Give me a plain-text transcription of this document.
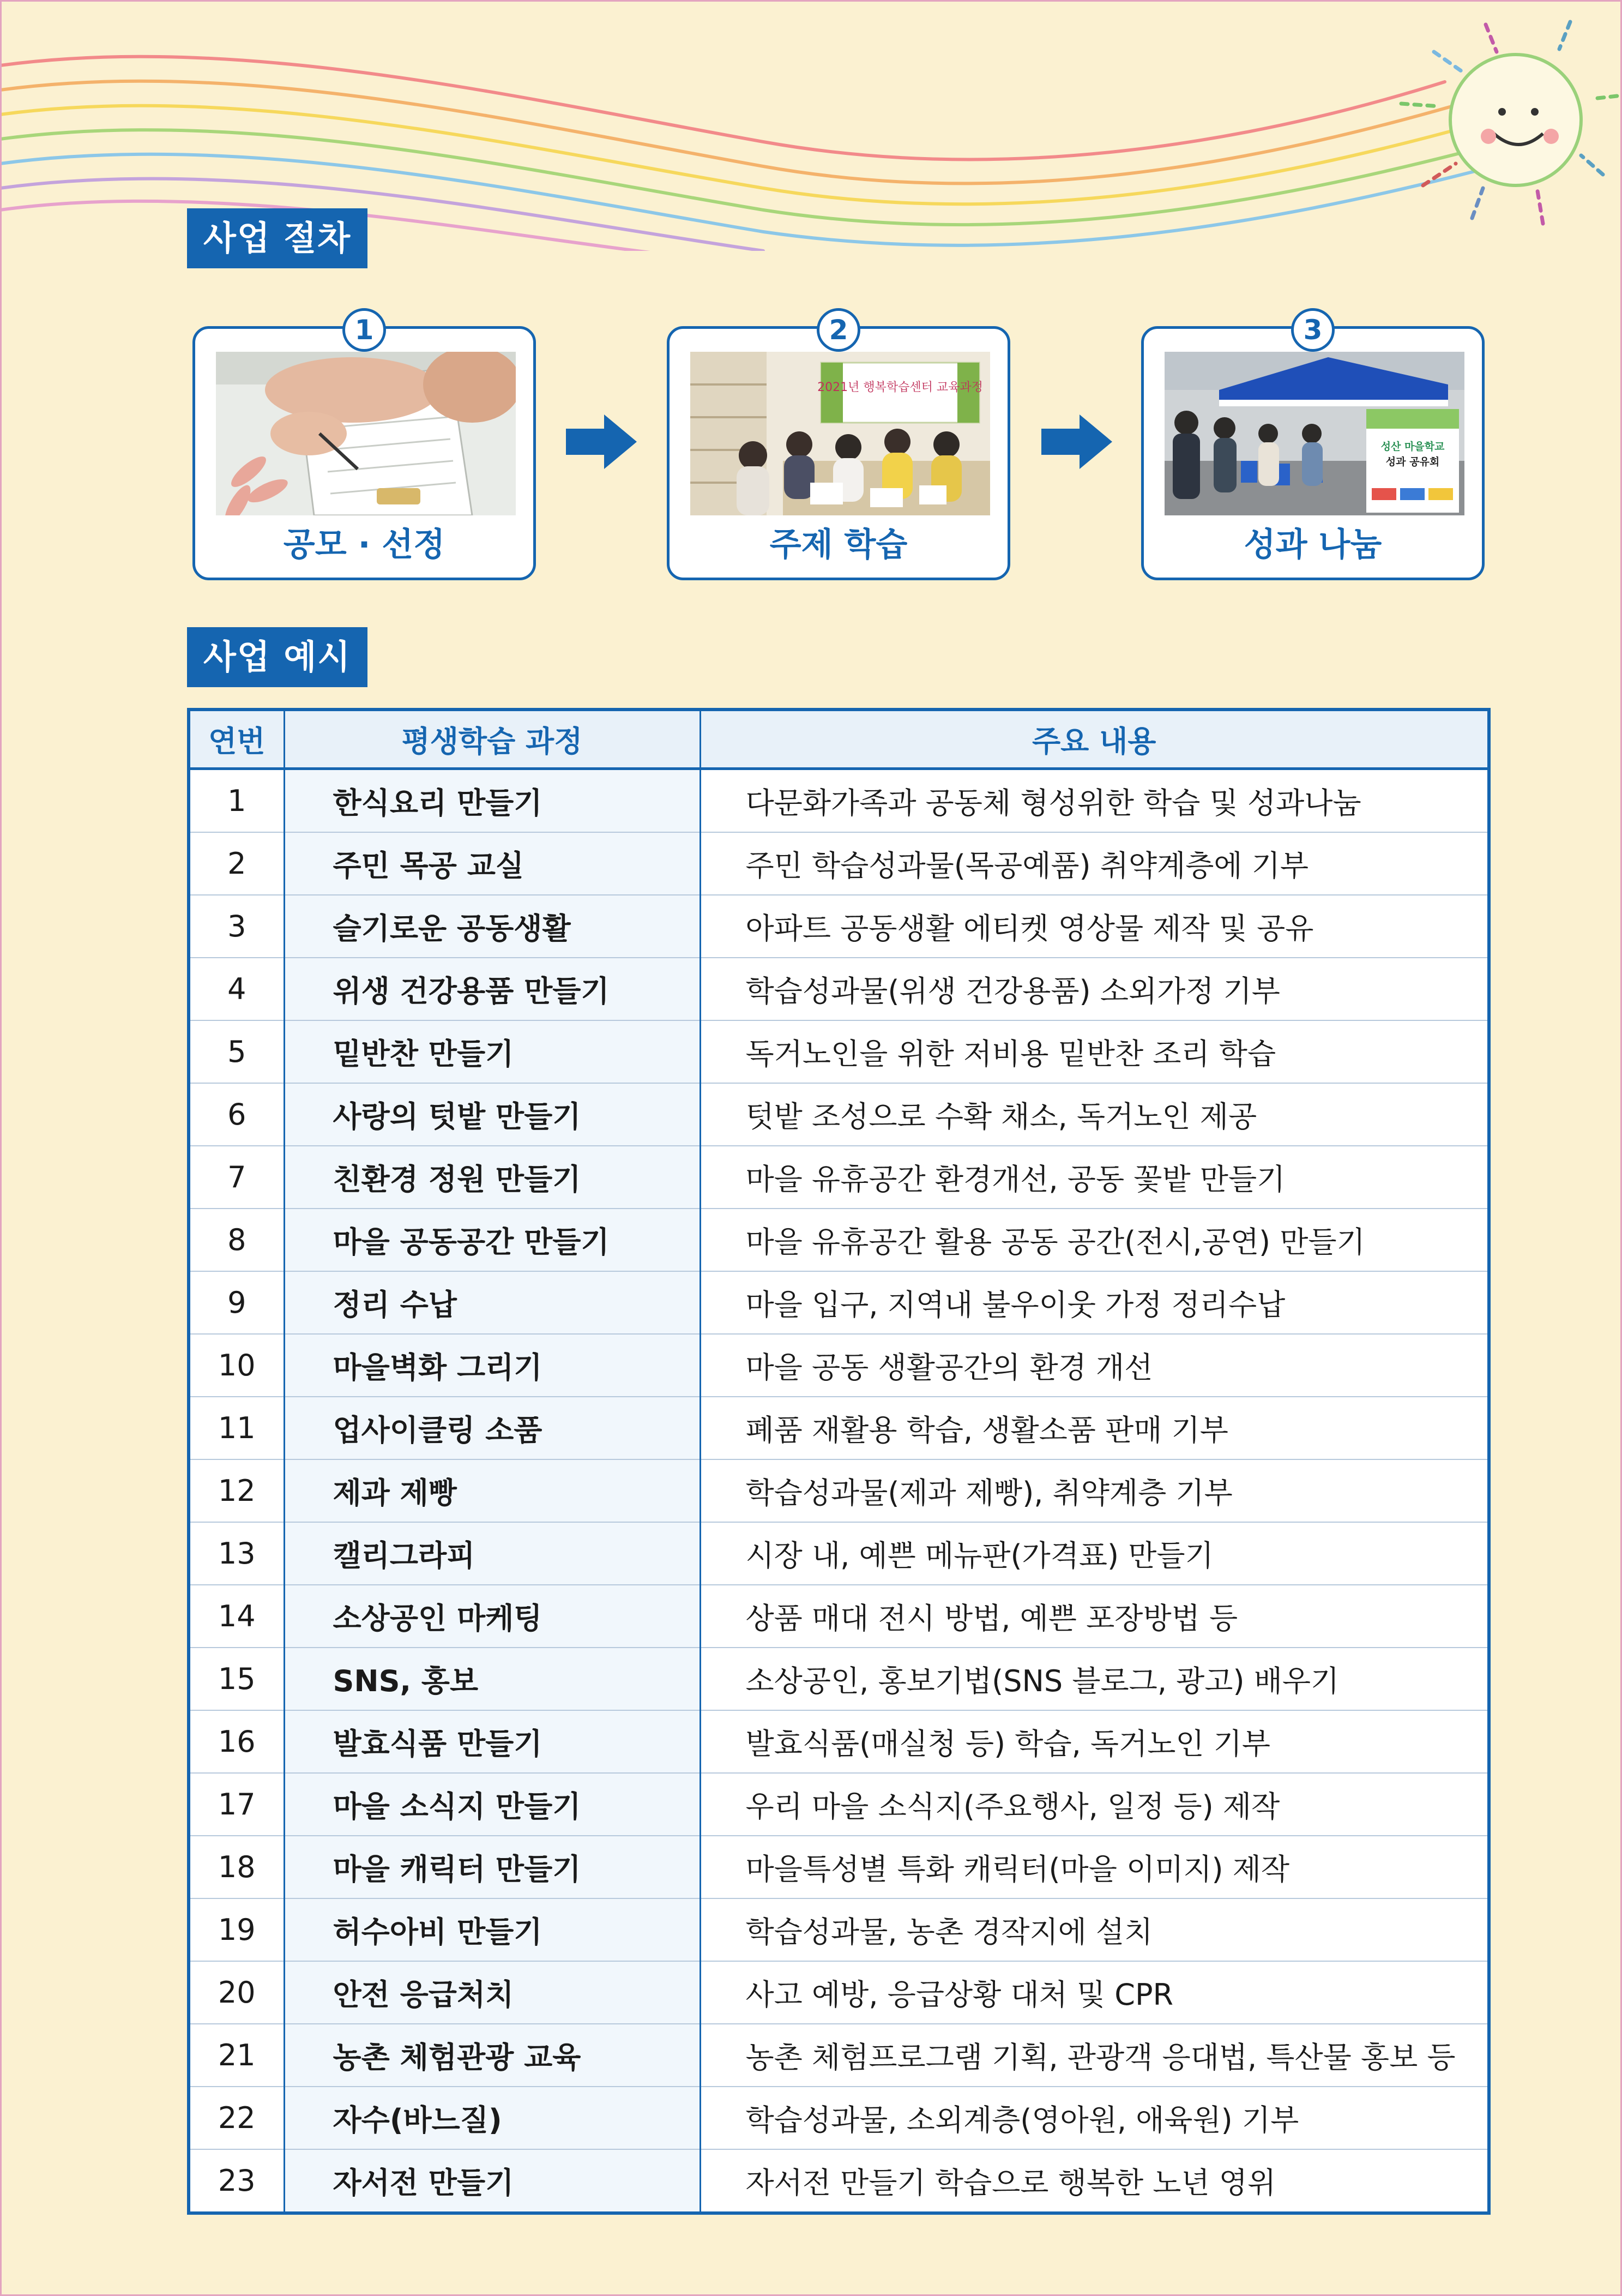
사업 절차
1
공모 · 선정
2
2021년 행복학습센터 교육과정
주제 학습
3
성산 마을학교
성과 공유회
성과 나눔
사업 예시
연번	평생학습 과정	주요 내용
1	한식요리 만들기	다문화가족과 공동체 형성위한 학습 및 성과나눔
2	주민 목공 교실	주민 학습성과물(목공예품) 취약계층에 기부
3	슬기로운 공동생활	아파트 공동생활 에티켓 영상물 제작 및 공유
4	위생 건강용품 만들기	학습성과물(위생 건강용품) 소외가정 기부
5	밑반찬 만들기	독거노인을 위한 저비용 밑반찬 조리 학습
6	사랑의 텃밭 만들기	텃밭 조성으로 수확 채소, 독거노인 제공
7	친환경 정원 만들기	마을 유휴공간 환경개선, 공동 꽃밭 만들기
8	마을 공동공간 만들기	마을 유휴공간 활용 공동 공간(전시,공연) 만들기
9	정리 수납	마을 입구, 지역내 불우이웃 가정 정리수납
10	마을벽화 그리기	마을 공동 생활공간의 환경 개선
11	업사이클링 소품	폐품 재활용 학습, 생활소품 판매 기부
12	제과 제빵	학습성과물(제과 제빵), 취약계층 기부
13	캘리그라피	시장 내, 예쁜 메뉴판(가격표) 만들기
14	소상공인 마케팅	상품 매대 전시 방법, 예쁜 포장방법 등
15	SNS, 홍보	소상공인, 홍보기법(SNS 블로그, 광고) 배우기
16	발효식품 만들기	발효식품(매실청 등) 학습, 독거노인 기부
17	마을 소식지 만들기	우리 마을 소식지(주요행사, 일정 등) 제작
18	마을 캐릭터 만들기	마을특성별 특화 캐릭터(마을 이미지) 제작
19	허수아비 만들기	학습성과물, 농촌 경작지에 설치
20	안전 응급처치	사고 예방, 응급상황 대처 및 CPR
21	농촌 체험관광 교육	농촌 체험프로그램 기획, 관광객 응대법, 특산물 홍보 등
22	자수(바느질)	학습성과물, 소외계층(영아원, 애육원) 기부
23	자서전 만들기	자서전 만들기 학습으로 행복한 노년 영위
